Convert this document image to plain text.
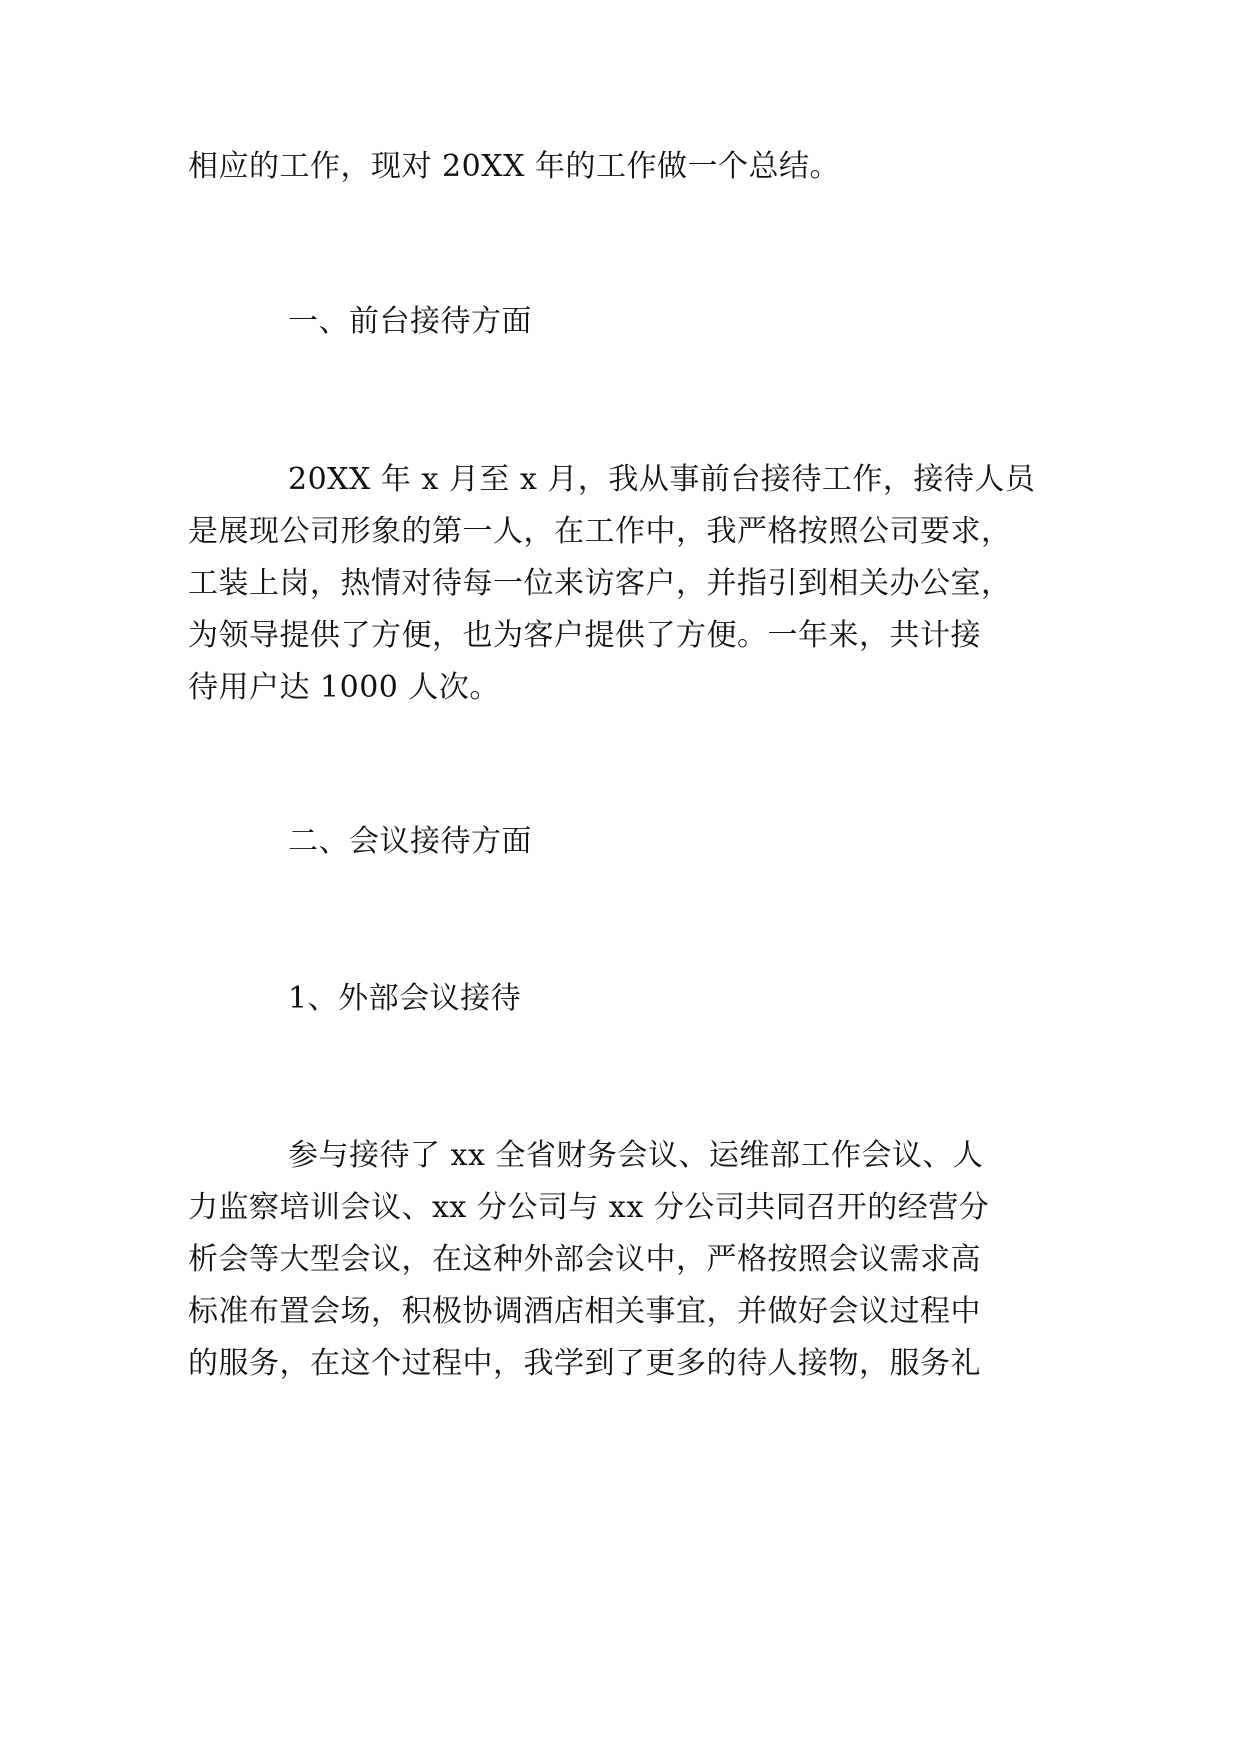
相应的工作，现对 20XX 年的工作做一个总结。
一、前台接待方面
20XX 年 x 月至 x 月，我从事前台接待工作，接待人员
是展现公司形象的第一人，在工作中，我严格按照公司要求，
工装上岗，热情对待每一位来访客户，并指引到相关办公室，
为领导提供了方便，也为客户提供了方便。一年来，共计接
待用户达 1000 人次。
二、会议接待方面
1、外部会议接待
参与接待了 xx 全省财务会议、运维部工作会议、人
力监察培训会议、xx 分公司与 xx 分公司共同召开的经营分
析会等大型会议，在这种外部会议中，严格按照会议需求高
标准布置会场，积极协调酒店相关事宜，并做好会议过程中
的服务，在这个过程中，我学到了更多的待人接物，服务礼
